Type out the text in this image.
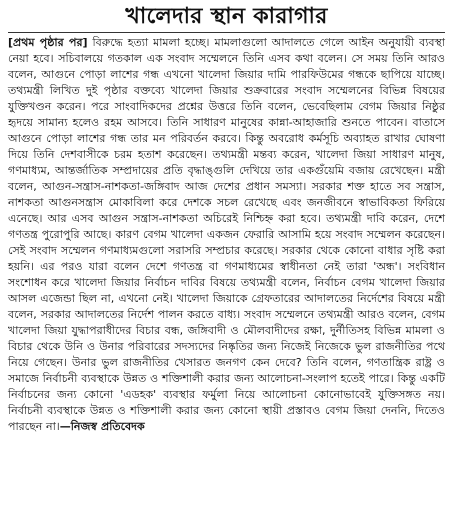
খালেদার স্থান কারাগার

[প্রথম পৃষ্ঠার পর] বিরুদ্ধে হত্যা মামলা হচ্ছে। মামলাগুলো আদালতে গেলে আইন অনুযায়ী ব্যবস্থা নেয়া হবে। সচিবালয়ে গতকাল এক সংবাদ সম্মেলনে তিনি এসব কথা বলেন। সে সময় তিনি আরও বলেন, আগুনে পোড়া লাশের গন্ধ এখনো খালেদা জিয়ার দামি পারফিউমের গন্ধকে ছাপিয়ে যাচ্ছে। তথ্যমন্ত্রী লিখিত দুই পৃষ্ঠার বক্তব্যে খালেদা জিয়ার শুক্রবারের সংবাদ সম্মেলনের বিভিন্ন বিষয়ের যুক্তিখণ্ডন করেন। পরে সাংবাদিকদের প্রশ্নের উত্তরে তিনি বলেন, ভেবেছিলাম বেগম জিয়ার নিষ্ঠুর হৃদয়ে সামান্য হলেও রহম আসবে। তিনি সাধারণ মানুষের কান্না-আহাজারি শুনতে পাবেন। বাতাসে আগুনে পোড়া লাশের গন্ধ তার মন পরিবর্তন করবে। কিন্তু অবরোধ কর্মসূচি অব্যাহত রাখার ঘোষণা দিয়ে তিনি দেশবাসীকে চরম হতাশ করেছেন। তথ্যমন্ত্রী মন্তব্য করেন, খালেদা জিয়া সাধারণ মানুষ, গণমাধ্যম, আন্তর্জাতিক সম্প্রদায়ের প্রতি বৃদ্ধাঙ্গুলি দেখিয়ে তার একগুঁয়েমি বজায় রেখেছেন। মন্ত্রী বলেন, আগুন-সন্ত্রাস-নাশকতা-জঙ্গিবাদ আজ দেশের প্রধান সমস্যা। সরকার শক্ত হাতে সব সন্ত্রাস, নাশকতা আগুনসন্ত্রাস মোকাবিলা করে দেশকে সচল রেখেছে এবং জনজীবনে স্বাভাবিকতা ফিরিয়ে এনেছে। আর এসব আগুন সন্ত্রাস-নাশকতা অচিরেই নিশ্চিহ্ন করা হবে। তথ্যমন্ত্রী দাবি করেন, দেশে গণতন্ত্র পুরোপুরি আছে। কারণ বেগম খালেদা একজন ফেরারি আসামি হয়ে সংবাদ সম্মেলন করেছেন। সেই সংবাদ সম্মেলন গণমাধ্যমগুলো সরাসরি সম্প্রচার করেছে। সরকার থেকে কোনো বাধার সৃষ্টি করা হয়নি। এর পরও যারা বলেন দেশে গণতন্ত্র বা গণমাধ্যমের স্বাধীনতা নেই তারা 'অন্ধ'। সংবিধান সংশোধন করে খালেদা জিয়ার নির্বাচন দাবির বিষয়ে তথ্যমন্ত্রী বলেন, নির্বাচন বেগম খালেদা জিয়ার আসল এজেন্ডা ছিল না, এখনো নেই। খালেদা জিয়াকে গ্রেফতারের আদালতের নির্দেশের বিষয়ে মন্ত্রী বলেন, সরকার আদালতের নির্দেশ পালন করতে বাধ্য। সংবাদ সম্মেলনে তথ্যমন্ত্রী আরও বলেন, বেগম খালেদা জিয়া যুদ্ধাপরাধীদের বিচার বন্ধ, জঙ্গিবাদী ও মৌলবাদীদের রক্ষা, দুর্নীতিসহ বিভিন্ন মামলা ও বিচার থেকে উনি ও উনার পরিবারের সদস্যদের নিষ্কৃতির জন্য নিজেই নিজেকে ভুল রাজনীতির পথে নিয়ে গেছেন। উনার ভুল রাজনীতির খেসারত জনগণ কেন দেবে? তিনি বলেন, গণতান্ত্রিক রাষ্ট্র ও সমাজে নির্বাচনী ব্যবস্থাকে উন্নত ও শক্তিশালী করার জন্য আলোচনা-সংলাপ হতেই পারে। কিন্তু একটি নির্বাচনের জন্য কোনো 'এডহক' ব্যবস্থার ফর্মুলা নিয়ে আলোচনা কোনোভাবেই যুক্তিসঙ্গত নয়। নির্বাচনী ব্যবস্থাকে উন্নত ও শক্তিশালী করার জন্য কোনো স্থায়ী প্রস্তাবও বেগম জিয়া দেননি, দিতেও পারছেন না।—নিজস্ব প্রতিবেদক
